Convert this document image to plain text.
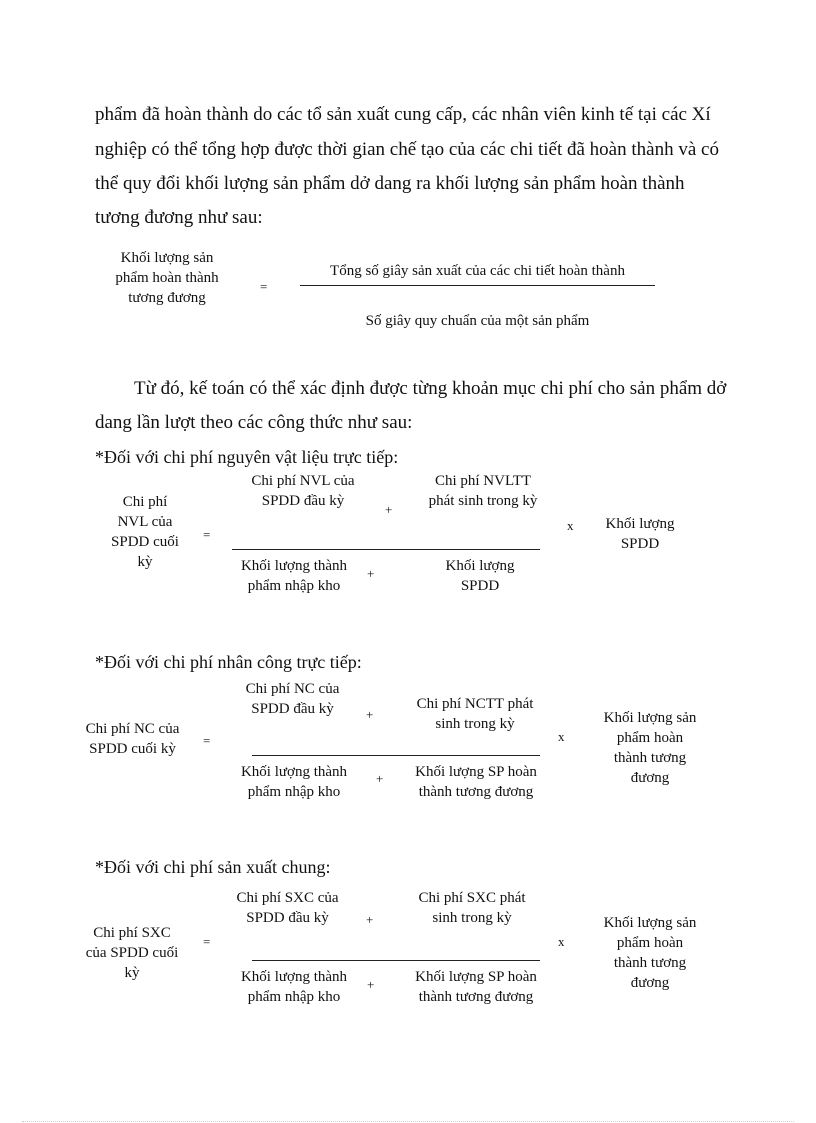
phẩm đã hoàn thành do các tổ sản xuất cung cấp, các nhân viên kinh tế tại các Xí
nghiệp có thể tổng hợp được thời gian chế tạo của các chi tiết đã hoàn thành và có
thể quy đổi khối lượng sản phẩm dở dang ra khối lượng sản phẩm hoàn thành
tương đương như sau:
Khối lượng sản
phẩm hoàn thành
tương đương
=
Tổng số giây sản xuất của các chi tiết hoàn thành
Số giây quy chuẩn của một sản phẩm
Từ đó, kế toán có thể xác định được từng khoản mục chi phí cho sản phẩm dở
dang lần lượt theo các công thức như sau:
*Đối với chi phí nguyên vật liệu trực tiếp:
Chi phí
NVL của
SPDD cuối
kỳ
=
Chi phí NVL của
SPDD đầu kỳ
+
Chi phí NVLTT
phát sinh trong kỳ
Khối lượng thành
phẩm nhập kho
+	Khối lượng
SPDD
x	Khối lượng
SPDD
*Đối với chi phí nhân công trực tiếp:
Chi phí NC của
SPDD cuối kỳ
=
Chi phí NC của
SPDD đầu kỳ	+
Chi phí NCTT phát
sinh trong kỳ
Khối lượng thành
phẩm nhập kho
+	Khối lượng SP hoàn
thành tương đương
x
Khối lượng sản
phẩm hoàn
thành tương
đương
*Đối với chi phí sản xuất chung:
Chi phí SXC
của SPDD cuối
kỳ
=
Chi phí SXC của
SPDD đầu kỳ	+
Chi phí SXC phát
sinh trong kỳ
Khối lượng thành
phẩm nhập kho
+	Khối lượng SP hoàn
thành tương đương
x
Khối lượng sản
phẩm hoàn
thành tương
đương
